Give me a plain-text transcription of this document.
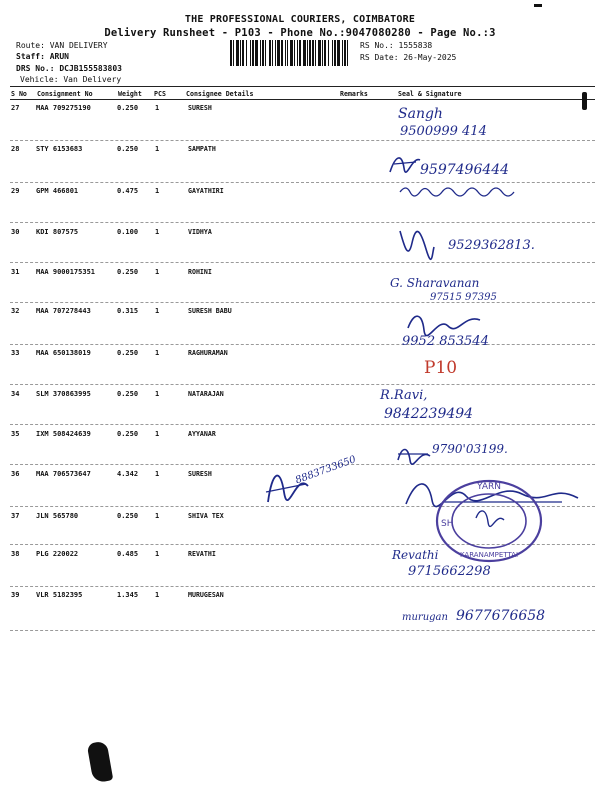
THE PROFESSIONAL COURIERS, COIMBATORE
Delivery Runsheet - P103 - Phone No.:9047080280 - Page No.:3
Route: VAN DELIVERY
Staff: ARUN
DRS No.: DCJB155583803
Vehicle: Van Delivery
RS No.: 1555838
RS Date: 26-May-2025
S No Consignment No	Weight PCS	Consignee Details	Remarks	Seal & Signature
27 MAA 709275190	0.250 1	SURESH
28 STY 6153683	0.250 1	SAMPATH
29 GPM 466801	0.475 1	GAYATHIRI
30 KDI 807575	0.100 1	VIDHYA
31 MAA 9000175351	0.250 1	ROHINI
32 MAA 707278443	0.315 1	SURESH BABU
33 MAA 650138019	0.250 1	RAGHURAMAN
34 SLM 370863995	0.250 1	NATARAJAN
35 IXM 508424639	0.250 1	AYYANAR
36 MAA 706573647	4.342 1	SURESH
37 JLN 565780	0.250 1	SHIVA TEX
38 PLG 220022	0.485 1	REVATHI
39 VLR 5182395	1.345 1	MURUGESAN
Sangh
9500999 414
9597496444
9529362813.
G. Sharavanan
97515 97395
9952 853544
P10
R.Ravi,
9842239494
9790'03199.
8883733650
YARN
SH
KARANAMPETTAI
Revathi
9715662298
murugan 9677676658
